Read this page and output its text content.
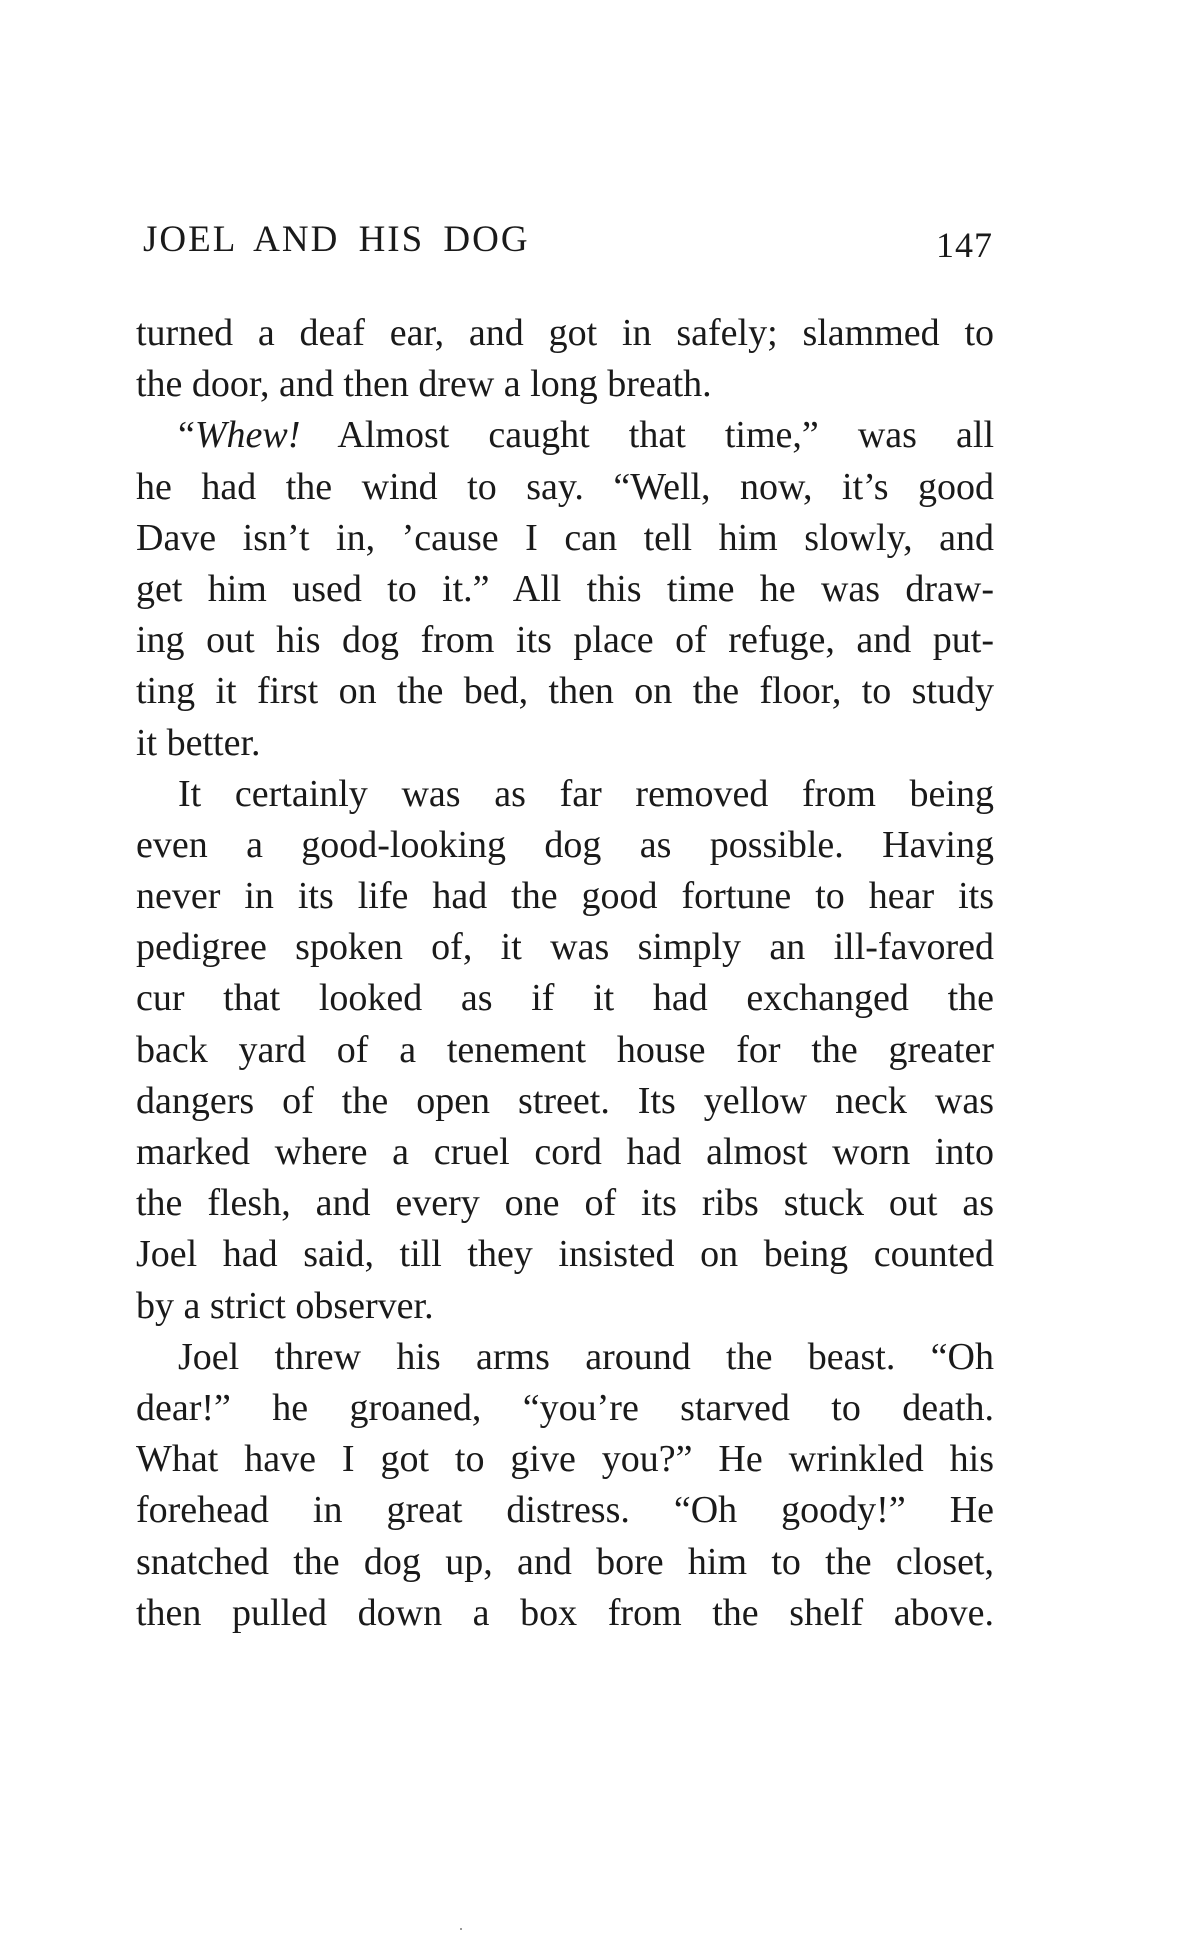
JOEL AND HIS DOG	147
turned a deaf ear, and got in safely; slammed to
the door, and then drew a long breath.
“Whew! Almost caught that time,” was all
he had the wind to say. “Well, now, it’s good
Dave isn’t in, ’cause I can tell him slowly, and
get him used to it.” All this time he was draw-
ing out his dog from its place of refuge, and put-
ting it first on the bed, then on the floor, to study
it better.
It certainly was as far removed from being
even a good-looking dog as possible. Having
never in its life had the good fortune to hear its
pedigree spoken of, it was simply an ill-favored
cur that looked as if it had exchanged the
back yard of a tenement house for the greater
dangers of the open street. Its yellow neck was
marked where a cruel cord had almost worn into
the flesh, and every one of its ribs stuck out as
Joel had said, till they insisted on being counted
by a strict observer.
Joel threw his arms around the beast. “Oh
dear!” he groaned, “you’re starved to death.
What have I got to give you?” He wrinkled his
forehead in great distress. “Oh goody!” He
snatched the dog up, and bore him to the closet,
then pulled down a box from the shelf above.
